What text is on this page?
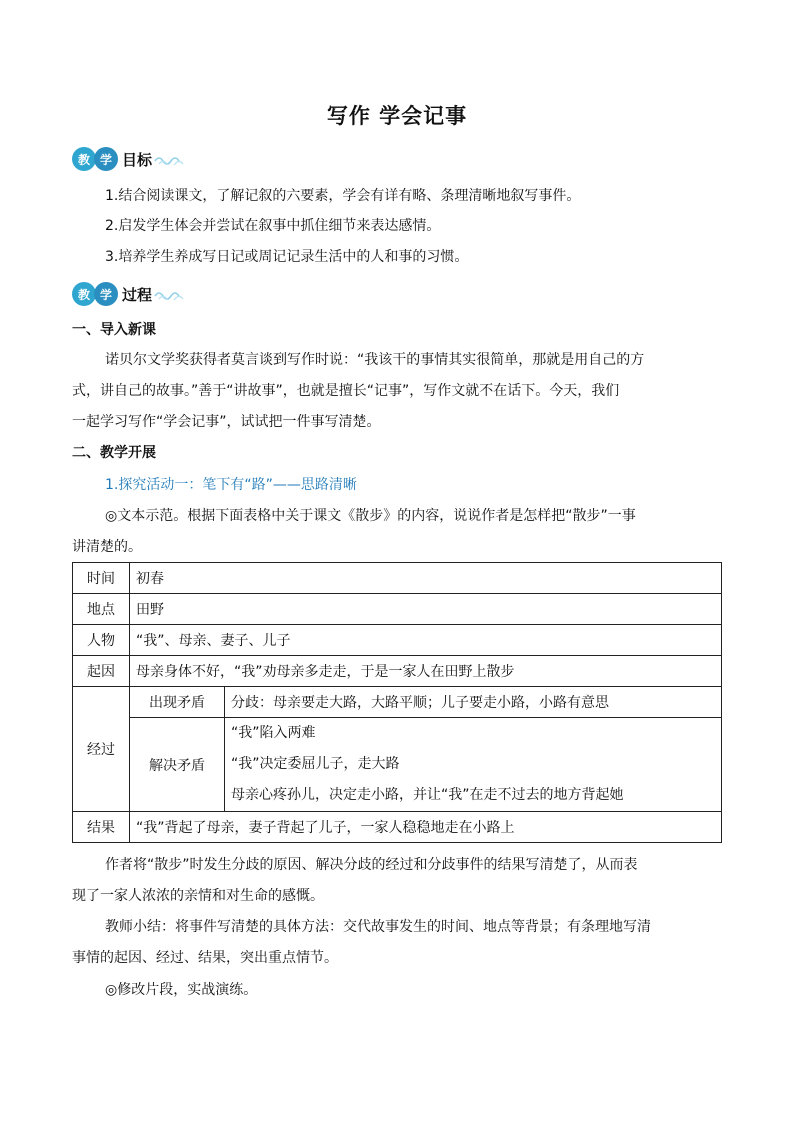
写作 学会记事
教 学 目标
1.结合阅读课文，了解记叙的六要素，学会有详有略、条理清晰地叙写事件。
2.启发学生体会并尝试在叙事中抓住细节来表达感情。
3.培养学生养成写日记或周记记录生活中的人和事的习惯。
教 学 过程
一、导入新课
诺贝尔文学奖获得者莫言谈到写作时说：“我该干的事情其实很简单，那就是用自己的方
式，讲自己的故事。”善于“讲故事”，也就是擅长“记事”，写作文就不在话下。今天，我们
一起学习写作“学会记事”，试试把一件事写清楚。
二、教学开展
1.探究活动一：笔下有“路”——思路清晰
◎文本示范。根据下面表格中关于课文《散步》的内容，说说作者是怎样把“散步”一事
讲清楚的。
时间	初春	
地点	田野	
人物	“我”、母亲、妻子、儿子	
起因	母亲身体不好，“我”劝母亲多走走，于是一家人在田野上散步	
经过	出现矛盾	分歧：母亲要走大路，大路平顺；儿子要走小路，小路有意思
	解决矛盾	“我”陷入两难
“我”决定委屈儿子，走大路
母亲心疼孙儿，决定走小路，并让“我”在走不过去的地方背起她

结果	“我”背起了母亲，妻子背起了儿子，一家人稳稳地走在小路上	
作者将“散步”时发生分歧的原因、解决分歧的经过和分歧事件的结果写清楚了，从而表
现了一家人浓浓的亲情和对生命的感慨。
教师小结：将事件写清楚的具体方法：交代故事发生的时间、地点等背景；有条理地写清
事情的起因、经过、结果，突出重点情节。
◎修改片段，实战演练。
